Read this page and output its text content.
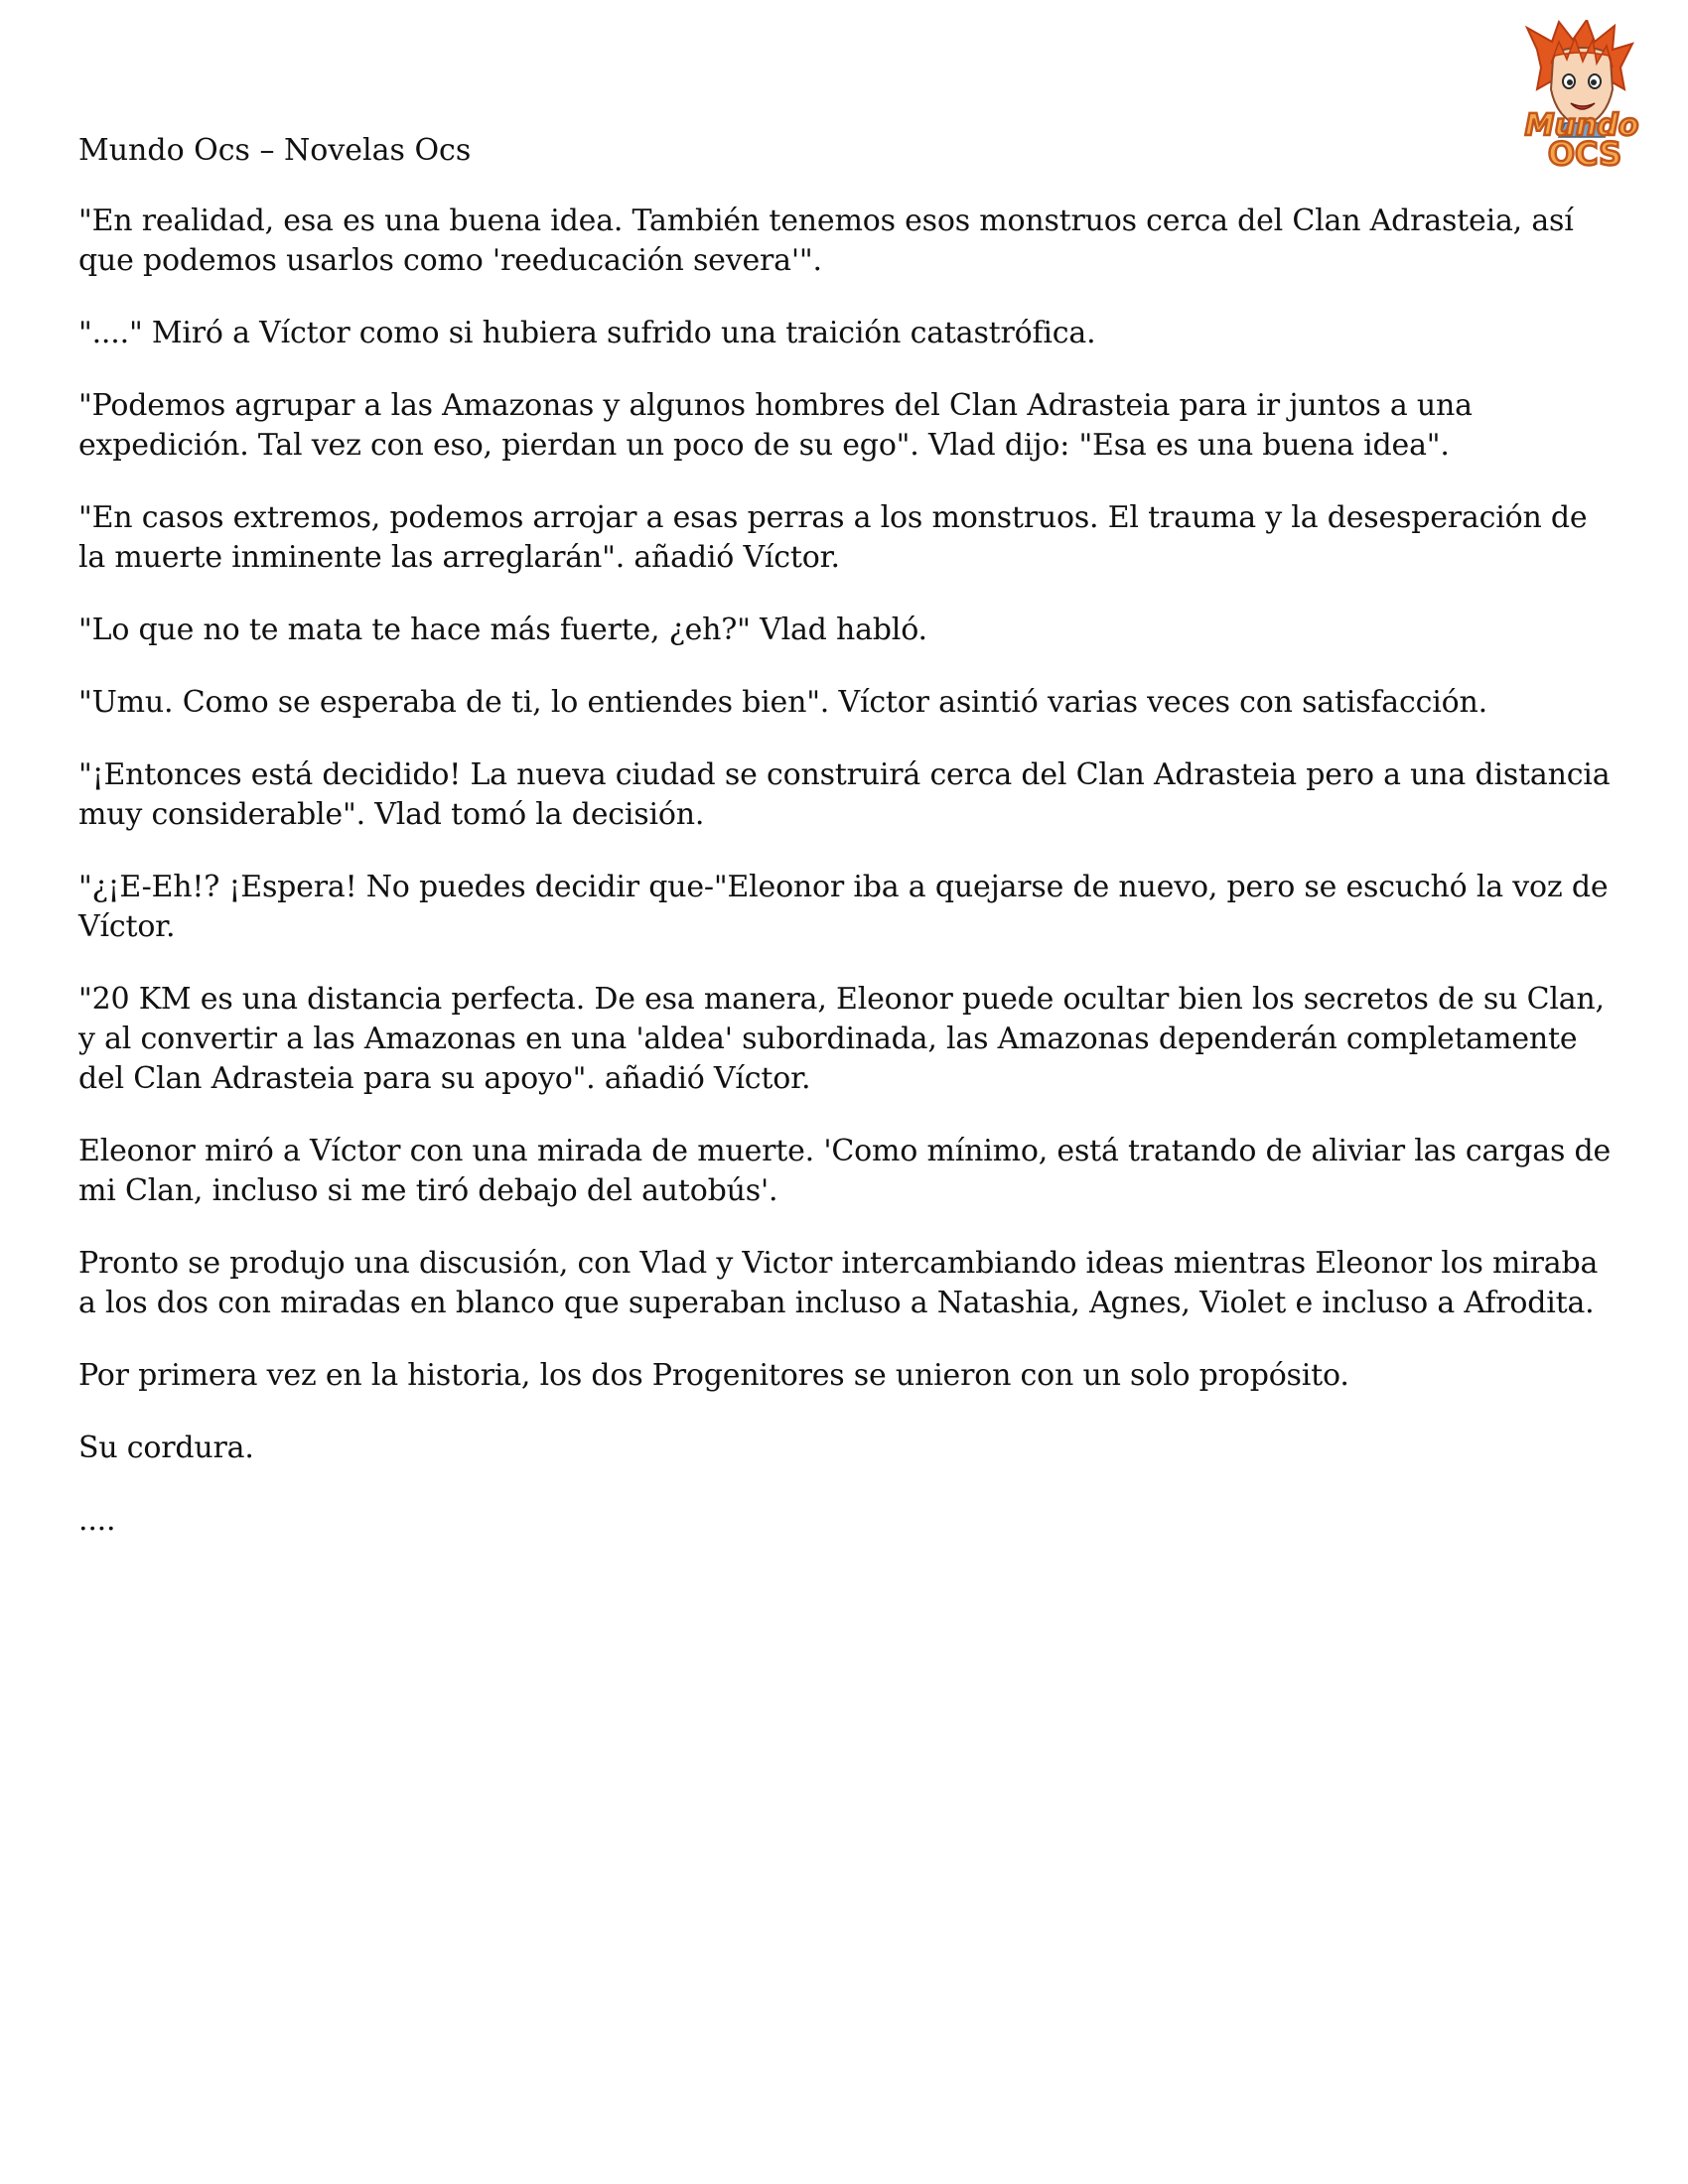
Mundo
OCS
Mundo Ocs – Novelas Ocs

"En realidad, esa es una buena idea. También tenemos esos monstruos cerca del Clan Adrasteia, así que podemos usarlos como 'reeducación severa'".

"...." Miró a Víctor como si hubiera sufrido una traición catastrófica.

"Podemos agrupar a las Amazonas y algunos hombres del Clan Adrasteia para ir juntos a una expedición. Tal vez con eso, pierdan un poco de su ego". Vlad dijo: "Esa es una buena idea".

"En casos extremos, podemos arrojar a esas perras a los monstruos. El trauma y la desesperación de la muerte inminente las arreglarán". añadió Víctor.

"Lo que no te mata te hace más fuerte, ¿eh?" Vlad habló.

"Umu. Como se esperaba de ti, lo entiendes bien". Víctor asintió varias veces con satisfacción.

"¡Entonces está decidido! La nueva ciudad se construirá cerca del Clan Adrasteia pero a una distancia muy considerable". Vlad tomó la decisión.

"¿¡E-Eh!? ¡Espera! No puedes decidir que-"Eleonor iba a quejarse de nuevo, pero se escuchó la voz de Víctor.

"20 KM es una distancia perfecta. De esa manera, Eleonor puede ocultar bien los secretos de su Clan, y al convertir a las Amazonas en una 'aldea' subordinada, las Amazonas dependerán completamente del Clan Adrasteia para su apoyo". añadió Víctor.

Eleonor miró a Víctor con una mirada de muerte. 'Como mínimo, está tratando de aliviar las cargas de mi Clan, incluso si me tiró debajo del autobús'.

Pronto se produjo una discusión, con Vlad y Victor intercambiando ideas mientras Eleonor los miraba a los dos con miradas en blanco que superaban incluso a Natashia, Agnes, Violet e incluso a Afrodita.

Por primera vez en la historia, los dos Progenitores se unieron con un solo propósito.

Su cordura.

....
